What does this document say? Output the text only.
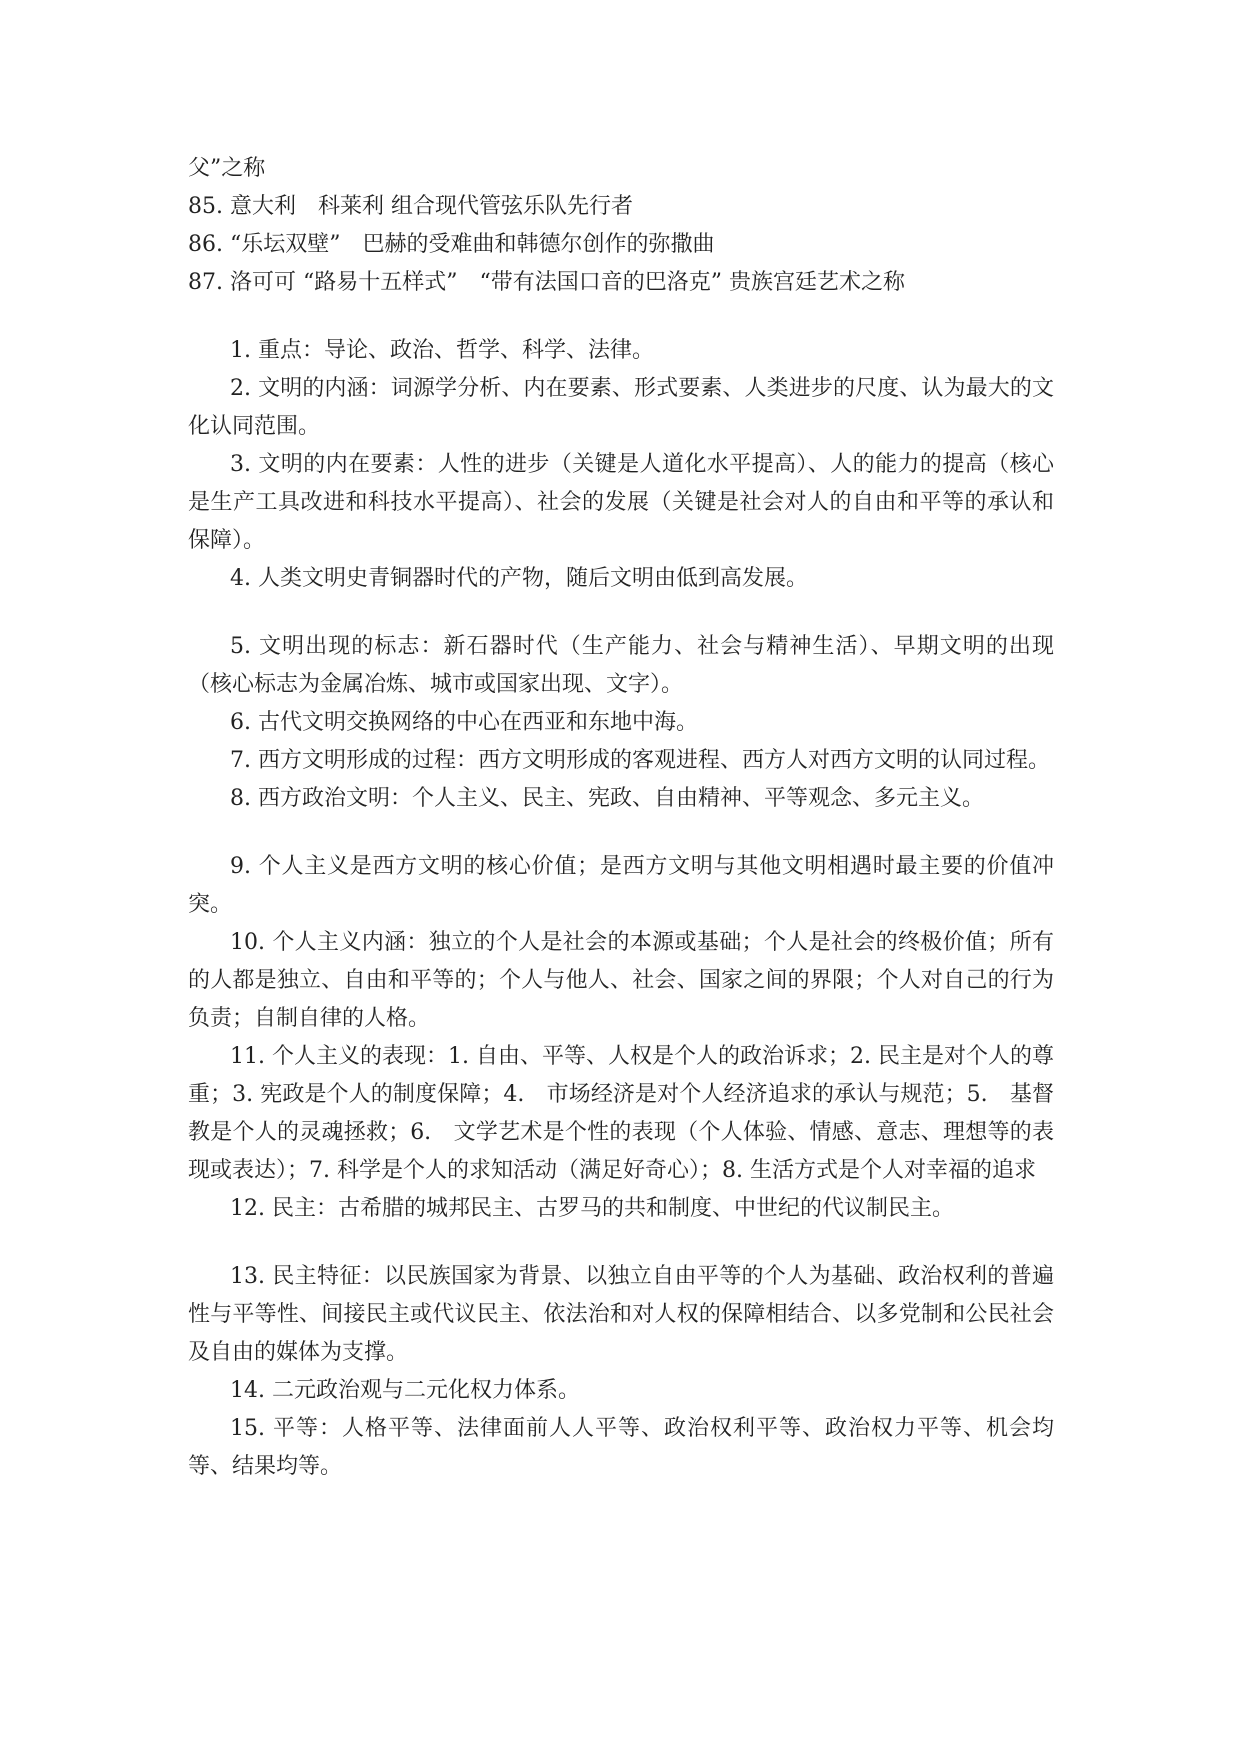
父”之称

85. 意大利　科莱利 组合现代管弦乐队先行者

86. “乐坛双壁”　巴赫的受难曲和韩德尔创作的弥撒曲

87. 洛可可 “路易十五样式”　“带有法国口音的巴洛克” 贵族宫廷艺术之称

1. 重点：导论、政治、哲学、科学、法律。

2. 文明的内涵：词源学分析、内在要素、形式要素、人类进步的尺度、认为最大的文化认同范围。

3. 文明的内在要素：人性的进步（关键是人道化水平提高）、人的能力的提高（核心是生产工具改进和科技水平提高）、社会的发展（关键是社会对人的自由和平等的承认和保障）。

4. 人类文明史青铜器时代的产物，随后文明由低到高发展。

5. 文明出现的标志：新石器时代（生产能力、社会与精神生活）、早期文明的出现（核心标志为金属冶炼、城市或国家出现、文字）。

6. 古代文明交换网络的中心在西亚和东地中海。

7. 西方文明形成的过程：西方文明形成的客观进程、西方人对西方文明的认同过程。

8. 西方政治文明：个人主义、民主、宪政、自由精神、平等观念、多元主义。

9. 个人主义是西方文明的核心价值；是西方文明与其他文明相遇时最主要的价值冲突。

10. 个人主义内涵：独立的个人是社会的本源或基础；个人是社会的终极价值；所有的人都是独立、自由和平等的；个人与他人、社会、国家之间的界限；个人对自己的行为负责；自制自律的人格。

11. 个人主义的表现：1. 自由、平等、人权是个人的政治诉求；2. 民主是对个人的尊重；3. 宪政是个人的制度保障；4.　市场经济是对个人经济追求的承认与规范；5.　基督教是个人的灵魂拯救；6.　文学艺术是个性的表现（个人体验、情感、意志、理想等的表现或表达）；7. 科学是个人的求知活动（满足好奇心）；8. 生活方式是个人对幸福的追求

12. 民主：古希腊的城邦民主、古罗马的共和制度、中世纪的代议制民主。

13. 民主特征：以民族国家为背景、以独立自由平等的个人为基础、政治权利的普遍性与平等性、间接民主或代议民主、依法治和对人权的保障相结合、以多党制和公民社会及自由的媒体为支撑。

14. 二元政治观与二元化权力体系。

15. 平等：人格平等、法律面前人人平等、政治权利平等、政治权力平等、机会均等、结果均等。
